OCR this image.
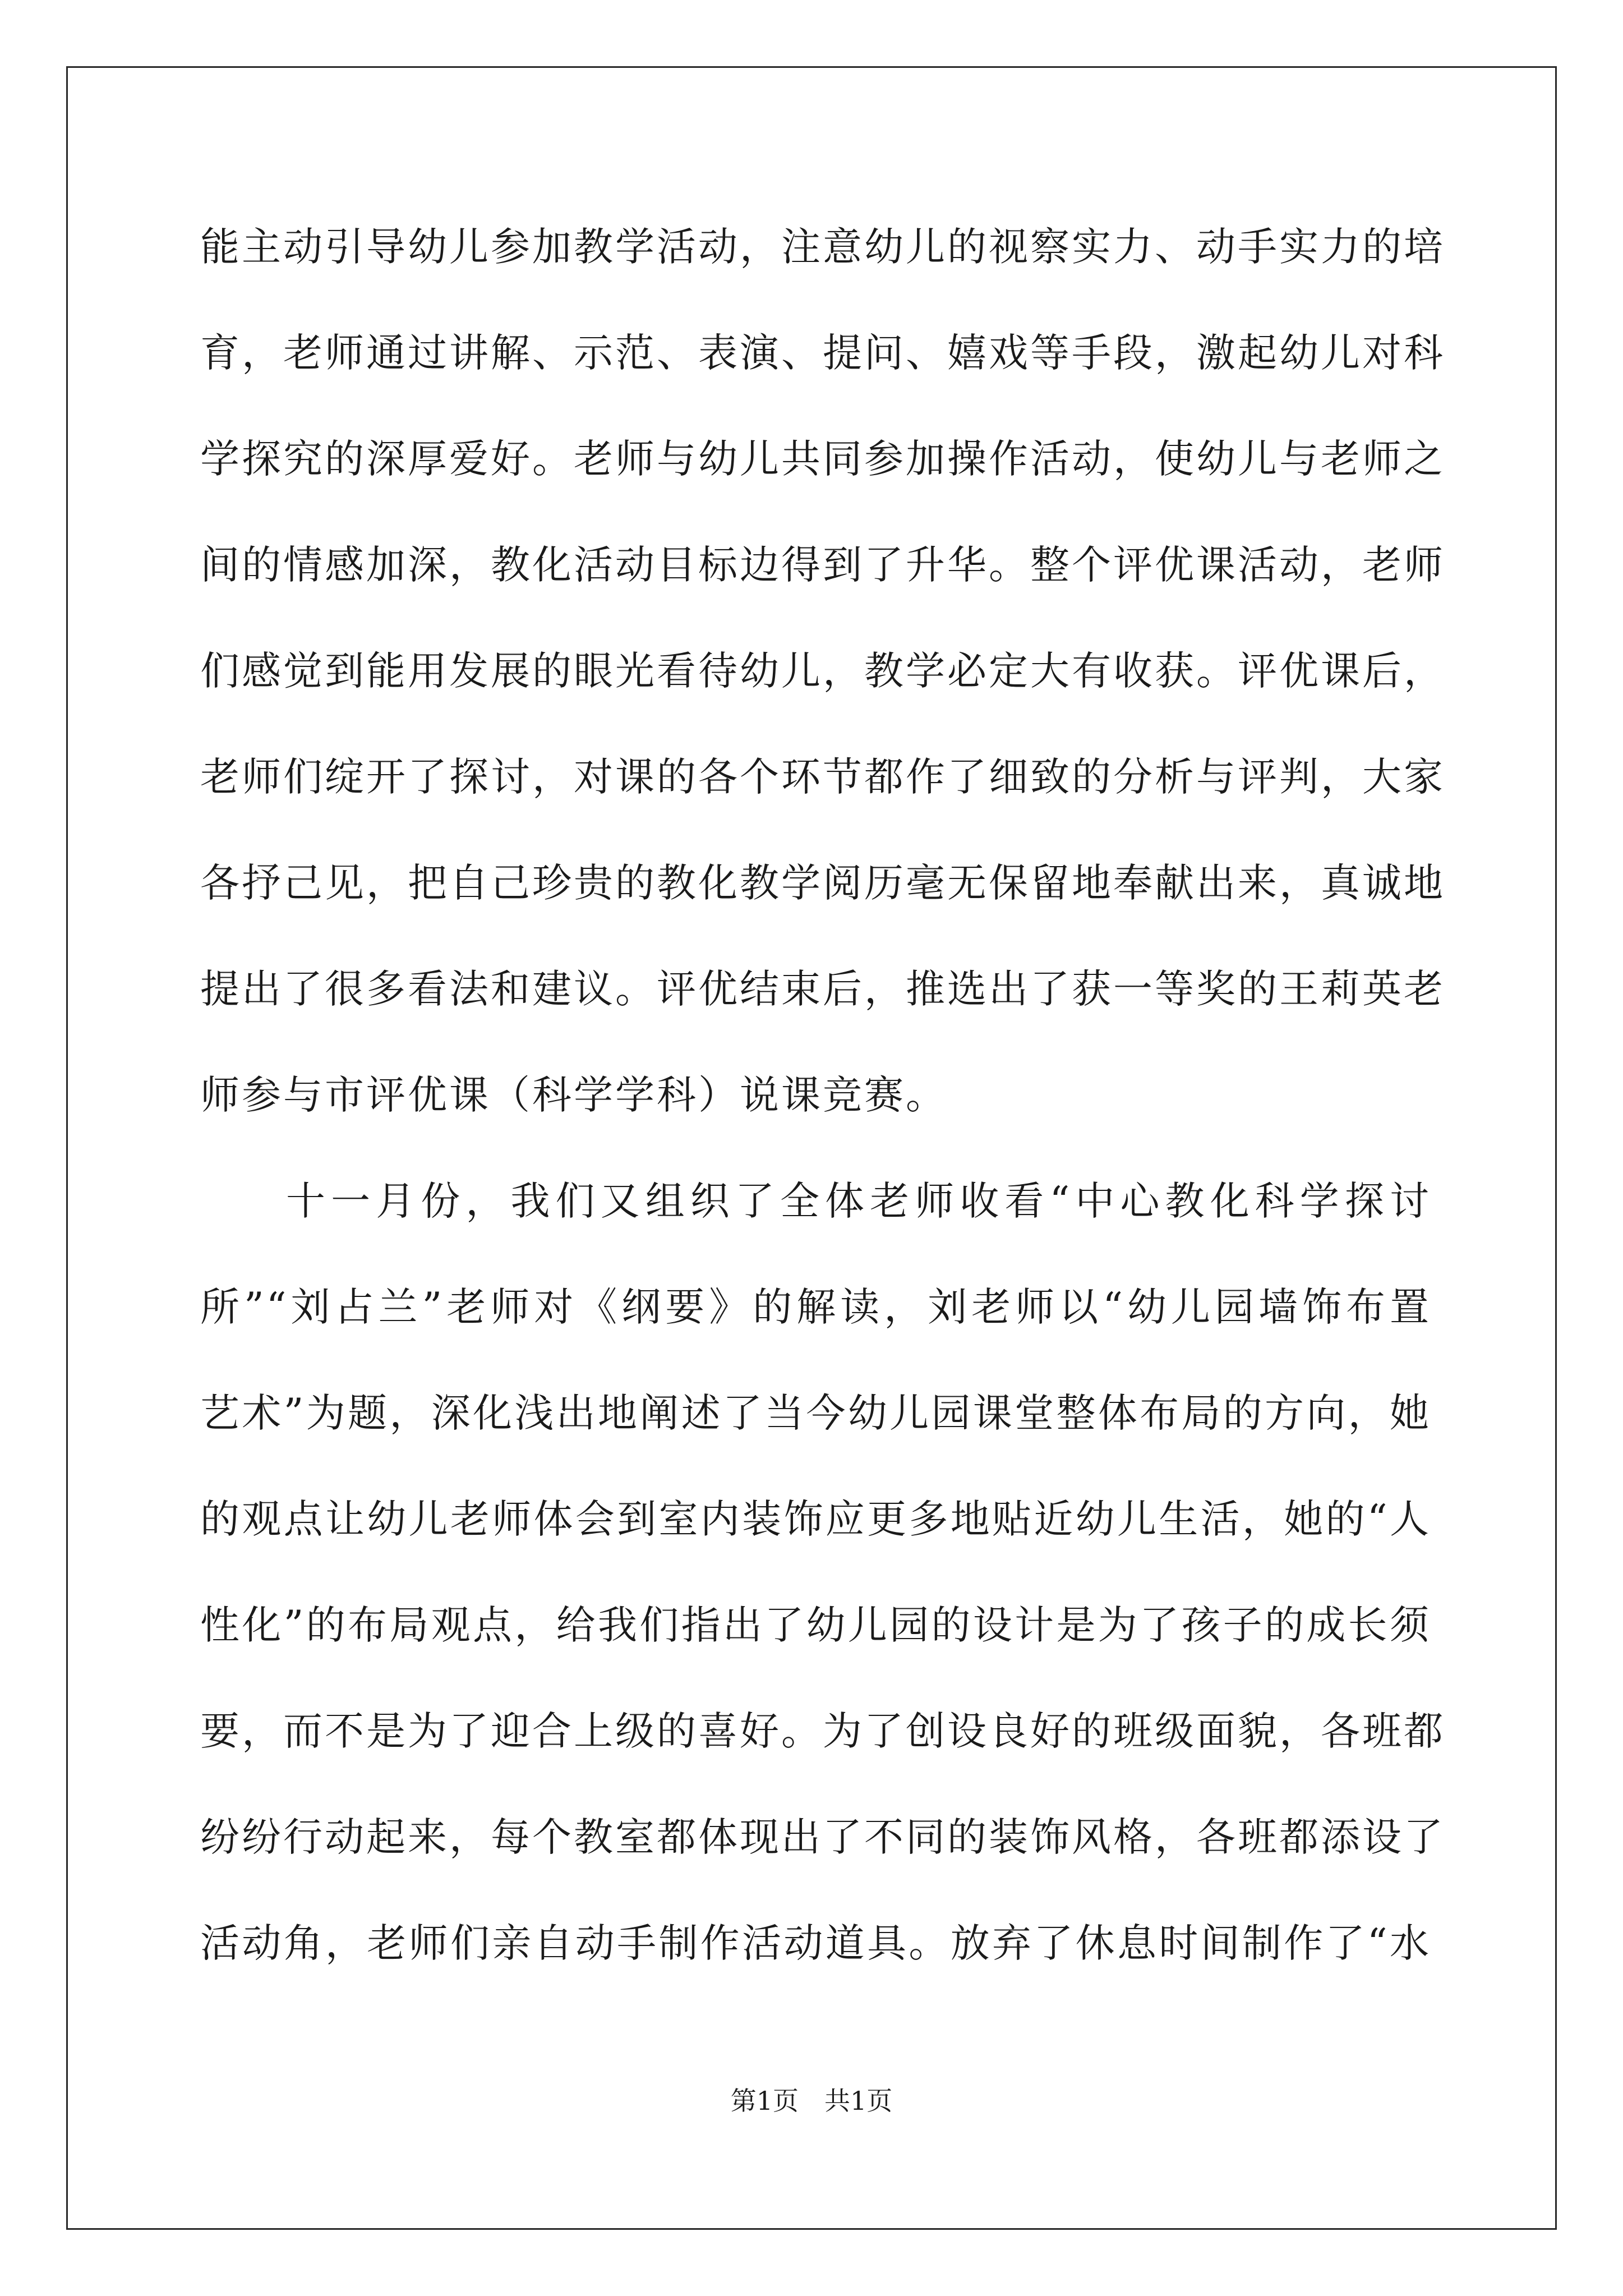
能主动引导幼儿参加教学活动，注意幼儿的视察实力、动手实力的培
育，老师通过讲解、示范、表演、提问、嬉戏等手段，激起幼儿对科
学探究的深厚爱好。老师与幼儿共同参加操作活动，使幼儿与老师之
间的情感加深，教化活动目标边得到了升华。整个评优课活动，老师
们感觉到能用发展的眼光看待幼儿，教学必定大有收获。评优课后，
老师们绽开了探讨，对课的各个环节都作了细致的分析与评判，大家
各抒己见，把自己珍贵的教化教学阅历毫无保留地奉献出来，真诚地
提出了很多看法和建议。评优结束后，推选出了获一等奖的王莉英老
师参与市评优课（科学学科）说课竞赛。
十一月份，我们又组织了全体老师收看“中心教化科学探讨
所”“刘占兰”老师对《纲要》的解读，刘老师以“幼儿园墙饰布置
艺术”为题，深化浅出地阐述了当今幼儿园课堂整体布局的方向，她
的观点让幼儿老师体会到室内装饰应更多地贴近幼儿生活，她的“人
性化”的布局观点，给我们指出了幼儿园的设计是为了孩子的成长须
要，而不是为了迎合上级的喜好。为了创设良好的班级面貌，各班都
纷纷行动起来，每个教室都体现出了不同的装饰风格，各班都添设了
活动角，老师们亲自动手制作活动道具。放弃了休息时间制作了“水
第1页　共1页
